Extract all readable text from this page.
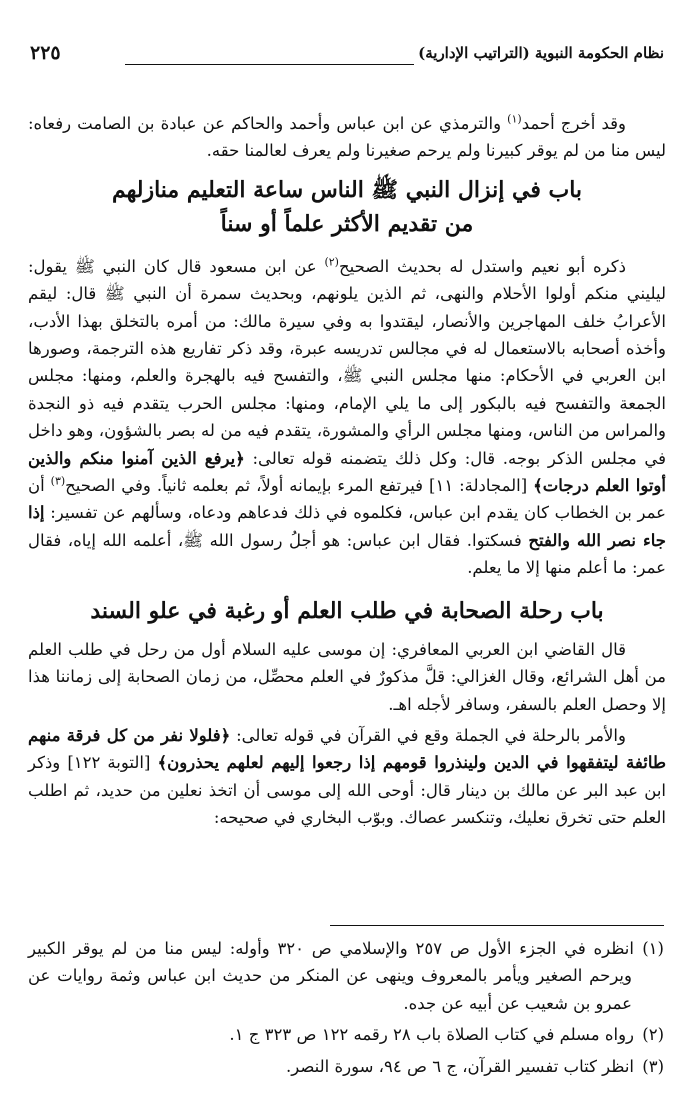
نظام الحكومة النبوية (التراتيب الإدارية)
٢٢٥

وقد أخرج أحمد$^{(١)}$ والترمذي عن ابن عباس وأحمد والحاكم عن عبادة بن الصامت رفعاه: ليس منا من لم يوقر كبيرنا ولم يرحم صغيرنا ولم يعرف لعالمنا حقه.

باب في إنزال النبي ﷺ الناس ساعة التعليم منازلهم
من تقديم الأكثر علماً أو سناً

ذكره أبو نعيم واستدل له بحديث الصحيح$^{(٢)}$ عن ابن مسعود قال كان النبي ﷺ يقول: ليليني منكم أولوا الأحلام والنهى، ثم الذين يلونهم، وبحديث سمرة أن النبي ﷺ قال: ليقم الأعرابُ خلف المهاجرين والأنصار، ليقتدوا به وفي سيرة مالك: من أمره بالتخلق بهذا الأدب، وأخذه أصحابه بالاستعمال له في مجالس تدريسه عبرة، وقد ذكر تفاريع هذه الترجمة، وصورها ابن العربي في الأحكام: منها مجلس النبي ﷺ، والتفسح فيه بالهجرة والعلم، ومنها: مجلس الجمعة والتفسح فيه بالبكور إلى ما يلي الإمام، ومنها: مجلس الحرب يتقدم فيه ذو النجدة والمراس من الناس، ومنها مجلس الرأي والمشورة، يتقدم فيه من له بصر بالشؤون، وهو داخل في مجلس الذكر بوجه. قال: وكل ذلك يتضمنه قوله تعالى: ﴿يرفع الذين آمنوا منكم والذين أوتوا العلم درجات﴾ [المجادلة: ١١] فيرتفع المرء بإيمانه أولاً، ثم بعلمه ثانياً. وفي الصحيح$^{(٣)}$ أن عمر بن الخطاب كان يقدم ابن عباس، فكلموه في ذلك فدعاهم ودعاه، وسألهم عن تفسير: إذا جاء نصر الله والفتح فسكتوا. فقال ابن عباس: هو أجلُ رسول الله ﷺ، أعلمه الله إياه، فقال عمر: ما أعلم منها إلا ما يعلم.

باب رحلة الصحابة في طلب العلم أو رغبة في علو السند

قال القاضي ابن العربي المعافري: إن موسى عليه السلام أول من رحل في طلب العلم من أهل الشرائع، وقال الغزالي: قلَّ مذكورٌ في العلم محصِّل، من زمان الصحابة إلى زماننا هذا إلا وحصل العلم بالسفر، وسافر لأجله اهـ.

والأمر بالرحلة في الجملة وقع في القرآن في قوله تعالى: ﴿فلولا نفر من كل فرقة منهم طائفة ليتفقهوا في الدين ولينذروا قومهم إذا رجعوا إليهم لعلهم يحذرون﴾ [التوبة ١٢٢] وذكر ابن عبد البر عن مالك بن دينار قال: أوحى الله إلى موسى أن اتخذ نعلين من حديد، ثم اطلب العلم حتى تخرق نعليك، وتنكسر عصاك. وبوّب البخاري في صحيحه:

(١)انظره في الجزء الأول ص ٢٥٧ والإسلامي ص ٣٢٠ وأوله: ليس منا من لم يوقر الكبير ويرحم الصغير ويأمر بالمعروف وينهى عن المنكر من حديث ابن عباس وثمة روايات عن عمرو بن شعيب عن أبيه عن جده.

(٢)رواه مسلم في كتاب الصلاة باب ٢٨ رقمه ١٢٢ ص ٣٢٣ ج ١.

(٣)انظر كتاب تفسير القرآن، ج ٦ ص ٩٤، سورة النصر.
